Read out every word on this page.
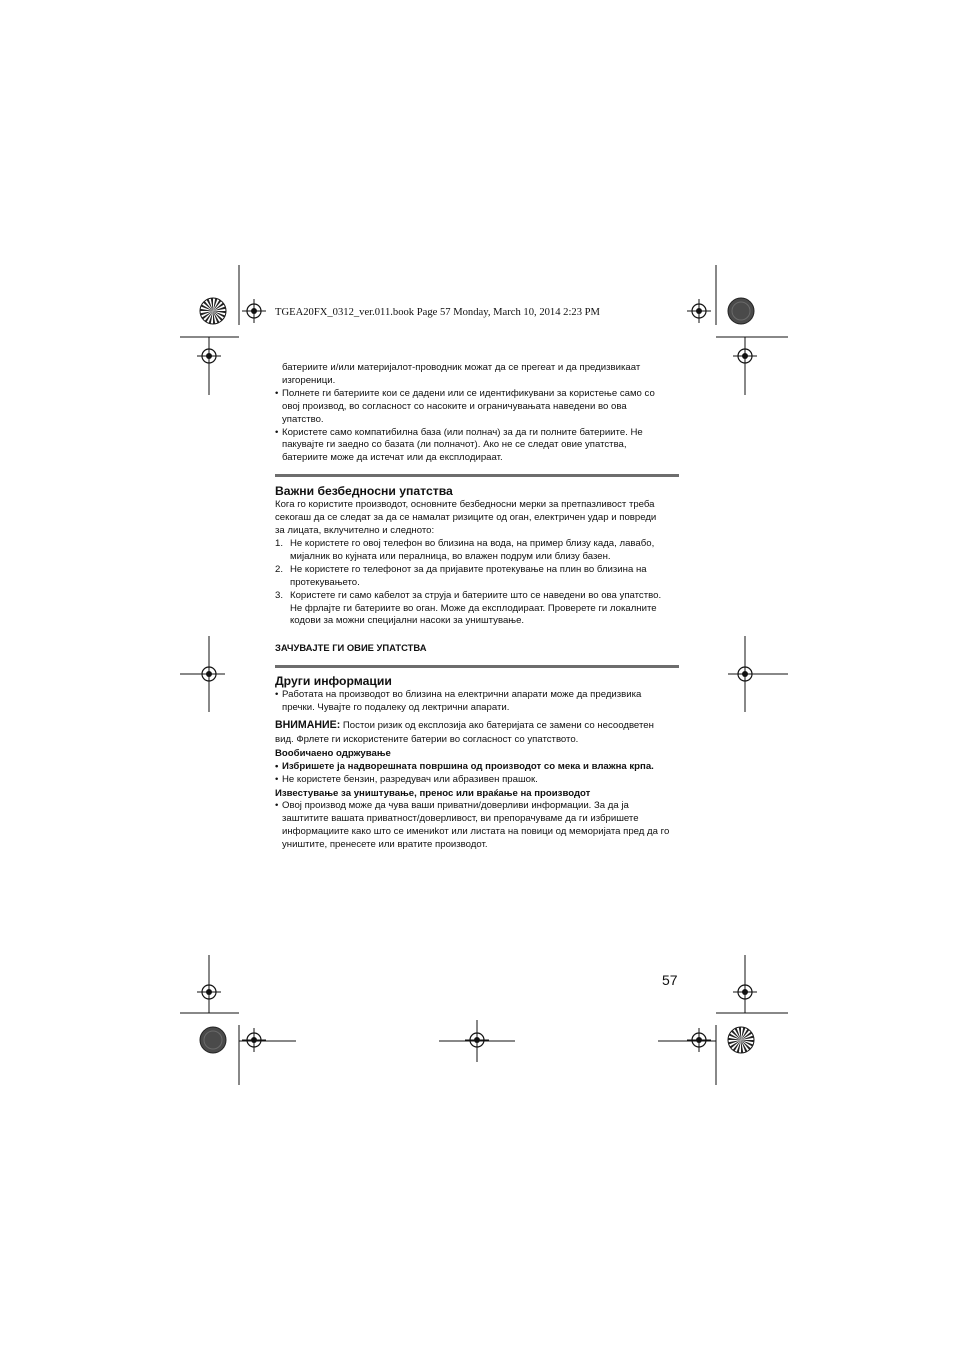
TGEA20FX_0312_ver.011.book Page 57 Monday, March 10, 2014 2:23 PM

батериите и/или материјалот-проводник можат да се прегеат и да предизвикаат

изгореници.

• Полнете ги батериите кои се дадени или се идентификувани за користење само со
овој производ, во согласност со насоките и ограничувањата наведени во ова
упатство.
• Користете само компатибилна база (или полнач) за да ги полните батериите. Не
пакувајте ги заедно со базата (ли полначот). Ако не се следат овие упатства,
батериите може да истечат или да експлодираат.

Важни безбедносни упатства

Кога го користите производот, основните безбедносни мерки за претпазливост треба

секогаш да се следат за да се намалат ризиците од оган, електричен удар и повреди

за лицата, вклучително и следното:

1. Не користете го овој телефон во близина на вода, на пример близу када, лавабо,
мијалник во кујната или пералница, во влажен подрум или близу базен.
2. Не користете го телефонот за да пријавите протекување на плин во близина на
протекувањето.
3. Користете ги само кабелот за струја и батериите што се наведени во ова упатство.
Не фрлајте ги батериите во оган. Може да експлодираат. Проверете ги локалните
кодови за можни специјални насоки за уништување.

ЗАЧУВАЈТЕ ГИ ОВИЕ УПАТСТВА

Други информации

• Работата на производот во близина на електрични апарати може да предизвика
пречки. Чувајте го подалеку од лектрични апарати.

ВНИМАНИЕ: Постои ризик од експлозија ако батеријата се замени со несоодветен

вид. Фрлете ги искористените батерии во согласност со упатството.

Вообичаено одржување

• Избришете ја надворешната површина од производот со мека и влажна крпа.
• Не користете бензин, разредувач или абразивен прашок.

Известување за уништување, пренос или враќање на производот

• Овој производ може да чува ваши приватни/доверливи информации. За да ја
заштитите вашата приватност/доверливост, ви препорачуваме да ги избришете
информациите како што се имениkот или листата на повици од меморијата пред да го
уништите, пренесете или вратите производот.
57
